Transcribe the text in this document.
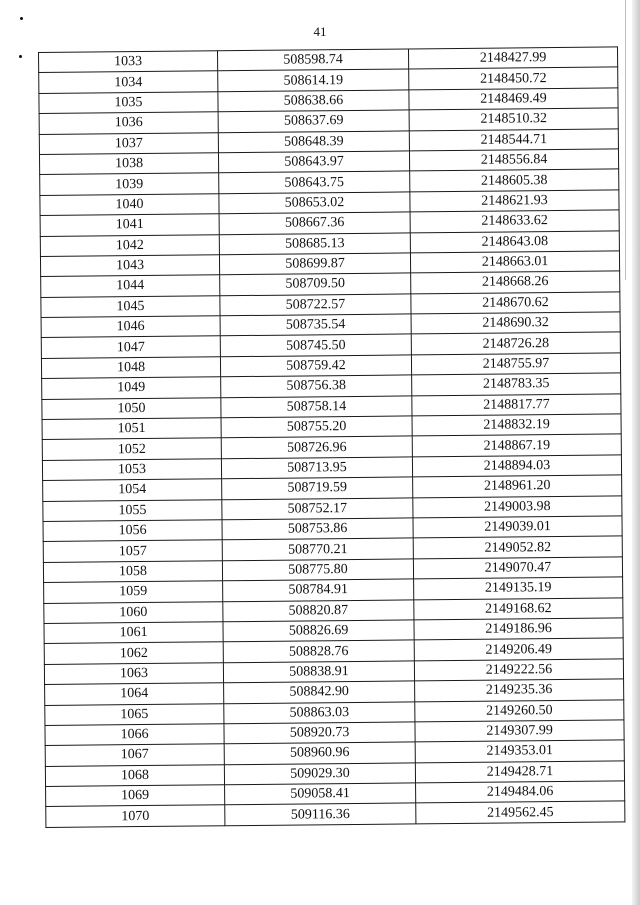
41
1033	508598.74	2148427.99
1034	508614.19	2148450.72
1035	508638.66	2148469.49
1036	508637.69	2148510.32
1037	508648.39	2148544.71
1038	508643.97	2148556.84
1039	508643.75	2148605.38
1040	508653.02	2148621.93
1041	508667.36	2148633.62
1042	508685.13	2148643.08
1043	508699.87	2148663.01
1044	508709.50	2148668.26
1045	508722.57	2148670.62
1046	508735.54	2148690.32
1047	508745.50	2148726.28
1048	508759.42	2148755.97
1049	508756.38	2148783.35
1050	508758.14	2148817.77
1051	508755.20	2148832.19
1052	508726.96	2148867.19
1053	508713.95	2148894.03
1054	508719.59	2148961.20
1055	508752.17	2149003.98
1056	508753.86	2149039.01
1057	508770.21	2149052.82
1058	508775.80	2149070.47
1059	508784.91	2149135.19
1060	508820.87	2149168.62
1061	508826.69	2149186.96
1062	508828.76	2149206.49
1063	508838.91	2149222.56
1064	508842.90	2149235.36
1065	508863.03	2149260.50
1066	508920.73	2149307.99
1067	508960.96	2149353.01
1068	509029.30	2149428.71
1069	509058.41	2149484.06
1070	509116.36	2149562.45
